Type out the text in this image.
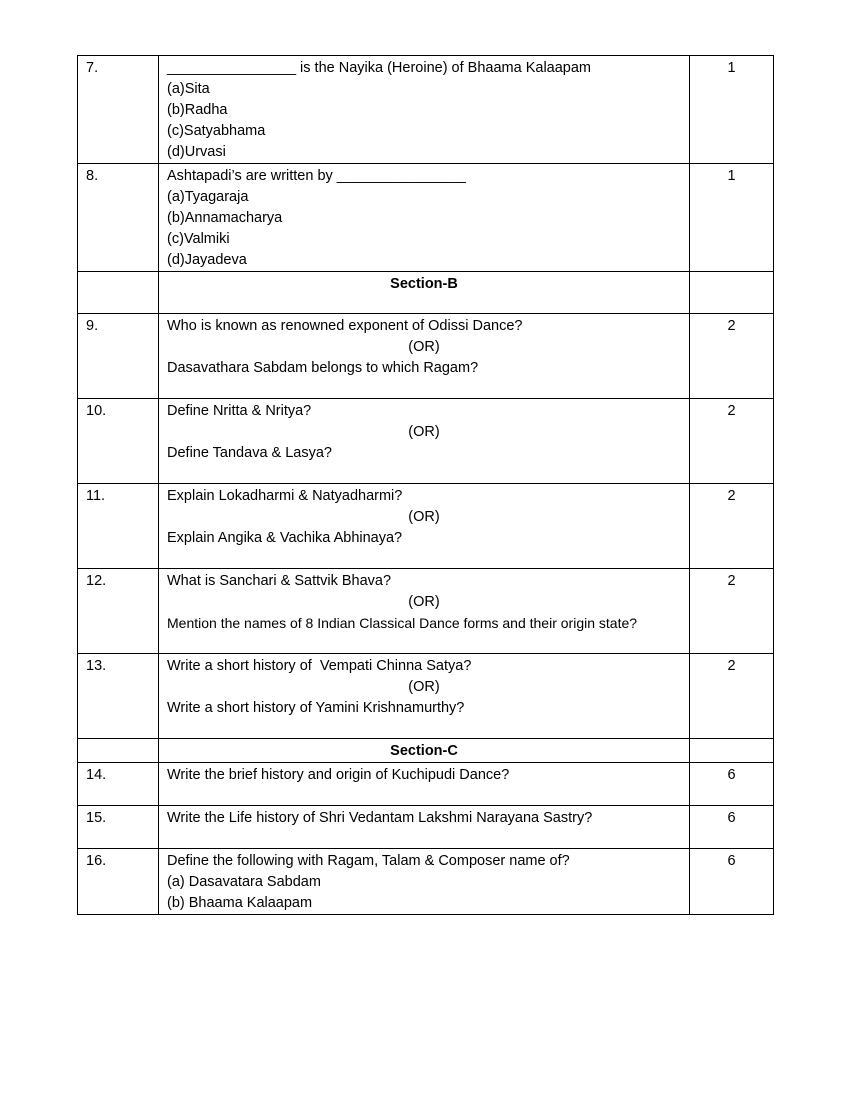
7.	________________ is the Nayika (Heroine) of Bhaama Kalaapam
(a)Sita
(b)Radha
(c)Satyabhama
(d)Urvasi	1
8.	Ashtapadi’s are written by ________________
(a)Tyagaraja
(b)Annamacharya
(c)Valmiki
(d)Jayadeva	1
	Section-B	
9.	Who is known as renowned exponent of Odissi Dance?
(OR)
Dasavathara Sabdam belongs to which Ragam?	2
10.	Define Nritta & Nritya?
(OR)
Define Tandava & Lasya?	2
11.	Explain Lokadharmi & Natyadharmi?
(OR)
Explain Angika & Vachika Abhinaya?	2
12.	What is Sanchari & Sattvik Bhava?
(OR)
Mention the names of 8 Indian Classical Dance forms and their origin state?	2
13.	Write a short history of  Vempati Chinna Satya?
(OR)
Write a short history of Yamini Krishnamurthy?	2
	Section-C	
14.	Write the brief history and origin of Kuchipudi Dance?	6
15.	Write the Life history of Shri Vedantam Lakshmi Narayana Sastry?	6
16.	Define the following with Ragam, Talam & Composer name of?
(a) Dasavatara Sabdam
(b) Bhaama Kalaapam	6
